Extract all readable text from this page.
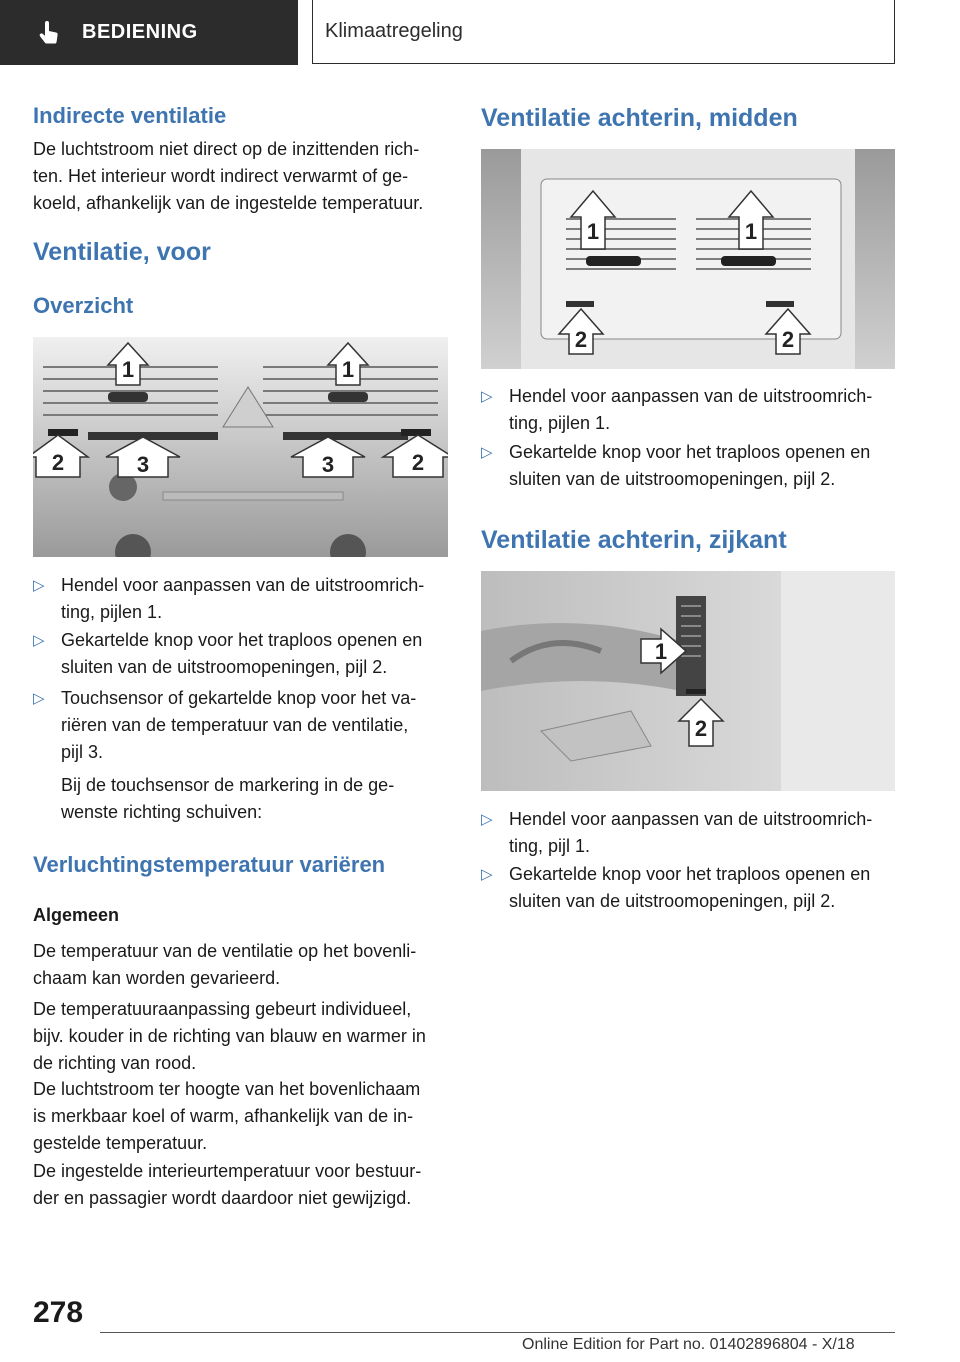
BEDIENING	Klimaatregeling
Indirecte ventilatie
De luchtstroom niet direct op de inzittenden rich-
ten. Het interieur wordt indirect verwarmt of ge-
koeld, afhankelijk van de ingestelde temperatuur.
Ventilatie, voor
Overzicht
1	1
2	3	3	2
▷ Hendel voor aanpassen van de uitstroomrich-
ting, pijlen 1.
▷ Gekartelde knop voor het traploos openen en
sluiten van de uitstroomopeningen, pijl 2.
▷ Touchsensor of gekartelde knop voor het va-
riëren van de temperatuur van de ventilatie,
pijl 3.
Bij de touchsensor de markering in de ge-
wenste richting schuiven:
Verluchtingstemperatuur variëren
Algemeen
De temperatuur van de ventilatie op het bovenli-
chaam kan worden gevarieerd.
De temperatuuraanpassing gebeurt individueel,
bijv. kouder in de richting van blauw en warmer in
de richting van rood.
De luchtstroom ter hoogte van het bovenlichaam
is merkbaar koel of warm, afhankelijk van de in-
gestelde temperatuur.
De ingestelde interieurtemperatuur voor bestuur-
der en passagier wordt daardoor niet gewijzigd.
Ventilatie achterin, midden
1	1
2	2
▷ Hendel voor aanpassen van de uitstroomrich-
ting, pijlen 1.
▷ Gekartelde knop voor het traploos openen en
sluiten van de uitstroomopeningen, pijl 2.
Ventilatie achterin, zijkant
1
2
▷ Hendel voor aanpassen van de uitstroomrich-
ting, pijl 1.
▷ Gekartelde knop voor het traploos openen en
sluiten van de uitstroomopeningen, pijl 2.
278
Online Edition for Part no. 01402896804 - X/18
